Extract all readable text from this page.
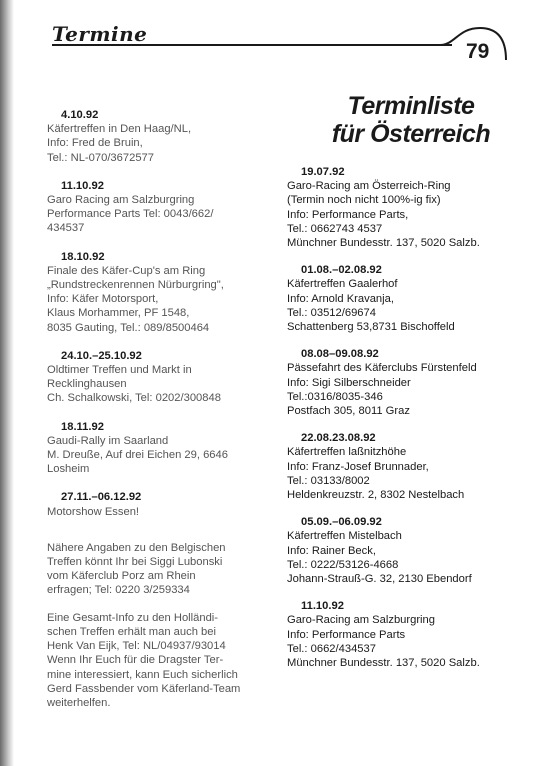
Termine
79
4.10.92
Käfertreffen in Den Haag/NL,
Info: Fred de Bruin,
Tel.: NL-070/3672577
11.10.92
Garo Racing am Salzburgring
Performance Parts Tel: 0043/662/
434537
18.10.92
Finale des Käfer-Cup's am Ring
„Rundstreckenrennen Nürburgring",
Info: Käfer Motorsport,
Klaus Morhammer, PF 1548,
8035 Gauting, Tel.: 089/8500464
24.10.–25.10.92
Oldtimer Treffen und Markt in
Recklinghausen
Ch. Schalkowski, Tel: 0202/300848
18.11.92
Gaudi-Rally im Saarland
M. Dreuße, Auf drei Eichen 29, 6646
Losheim
27.11.–06.12.92
Motorshow Essen!

Nähere Angaben zu den Belgischen
Treffen könnt Ihr bei Siggi Lubonski
vom Käferclub Porz am Rhein
erfragen; Tel: 0220 3/259334

Eine Gesamt-Info zu den Holländi-
schen Treffen erhält man auch bei
Henk Van Eijk, Tel: NL/04937/93014
Wenn Ihr Euch für die Dragster Ter-
mine interessiert, kann Euch sicherlich
Gerd Fassbender vom Käferland-Team
weiterhelfen.

Terminliste
für Österreich
19.07.92
Garo-Racing am Österreich-Ring
(Termin noch nicht 100%-ig fix)
Info: Performance Parts,
Tel.: 0662743 4537
Münchner Bundesstr. 137, 5020 Salzb.
01.08.–02.08.92
Käfertreffen Gaalerhof
Info: Arnold Kravanja,
Tel.: 03512/69674
Schattenberg 53,8731 Bischoffeld
08.08–09.08.92
Pässefahrt des Käferclubs Fürstenfeld
Info: Sigi Silberschneider
Tel.:0316/8035-346
Postfach 305, 8011 Graz
22.08.23.08.92
Käfertreffen laßnitzhöhe
Info: Franz-Josef Brunnader,
Tel.: 03133/8002
Heldenkreuzstr. 2, 8302 Nestelbach
05.09.–06.09.92
Käfertreffen Mistelbach
Info: Rainer Beck,
Tel.: 0222/53126-4668
Johann-Strauß-G. 32, 2130 Ebendorf
11.10.92
Garo-Racing am Salzburgring
Info: Performance Parts
Tel.: 0662/434537
Münchner Bundesstr. 137, 5020 Salzb.
